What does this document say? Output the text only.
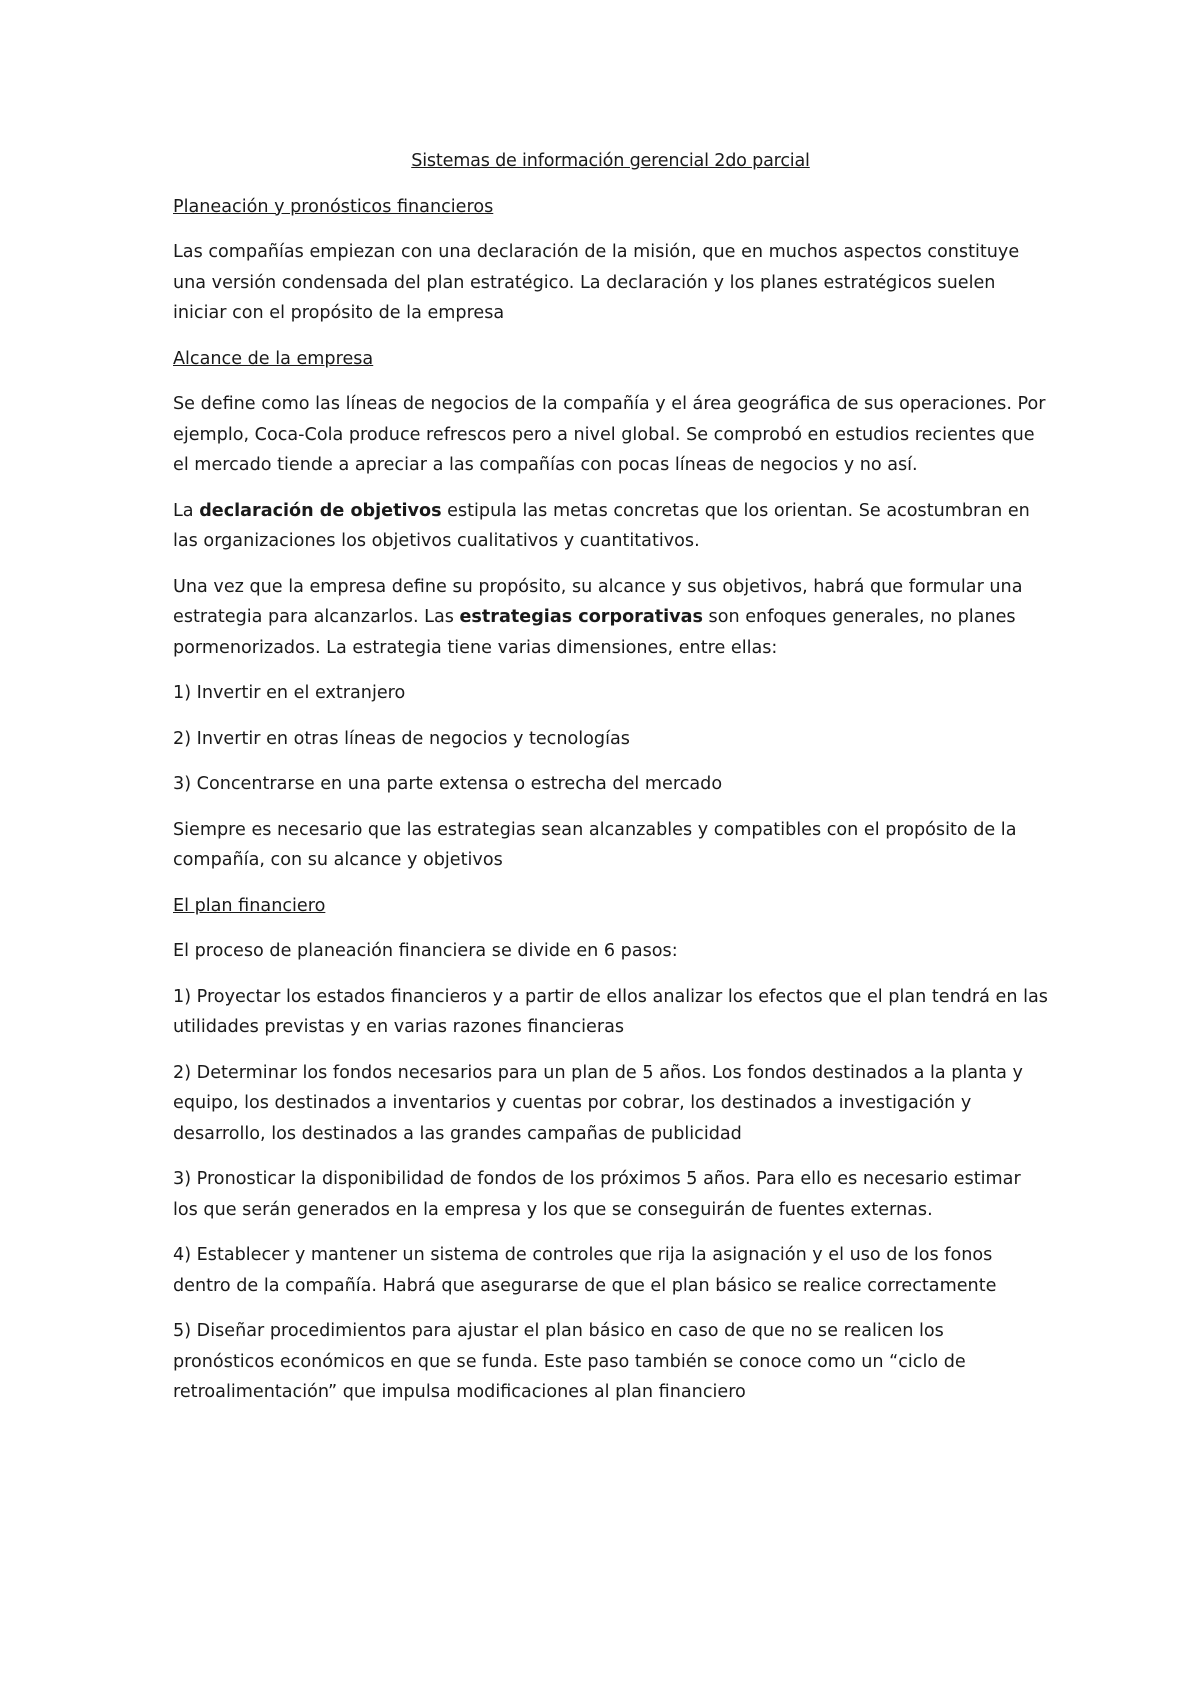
Sistemas de información gerencial 2do parcial
Planeación y pronósticos financieros

Las compañías empiezan con una declaración de la misión, que en muchos aspectos constituye una versión condensada del plan estratégico. La declaración y los planes estratégicos suelen iniciar con el propósito de la empresa

Alcance de la empresa

Se define como las líneas de negocios de la compañía y el área geográfica de sus operaciones. Por ejemplo, Coca-Cola produce refrescos pero a nivel global. Se comprobó en estudios recientes que el mercado tiende a apreciar a las compañías con pocas líneas de negocios y no así.

La declaración de objetivos estipula las metas concretas que los orientan. Se acostumbran en las organizaciones los objetivos cualitativos y cuantitativos.

Una vez que la empresa define su propósito, su alcance y sus objetivos, habrá que formular una estrategia para alcanzarlos. Las estrategias corporativas son enfoques generales, no planes pormenorizados. La estrategia tiene varias dimensiones, entre ellas:

1) Invertir en el extranjero

2) Invertir en otras líneas de negocios y tecnologías

3) Concentrarse en una parte extensa o estrecha del mercado

Siempre es necesario que las estrategias sean alcanzables y compatibles con el propósito de la compañía, con su alcance y objetivos

El plan financiero

El proceso de planeación financiera se divide en 6 pasos:

1) Proyectar los estados financieros y a partir de ellos analizar los efectos que el plan tendrá en las utilidades previstas y en varias razones financieras

2) Determinar los fondos necesarios para un plan de 5 años. Los fondos destinados a la planta y equipo, los destinados a inventarios y cuentas por cobrar, los destinados a investigación y desarrollo, los destinados a las grandes campañas de publicidad

3) Pronosticar la disponibilidad de fondos de los próximos 5 años. Para ello es necesario estimar los que serán generados en la empresa y los que se conseguirán de fuentes externas.

4) Establecer y mantener un sistema de controles que rija la asignación y el uso de los fonos dentro de la compañía. Habrá que asegurarse de que el plan básico se realice correctamente

5) Diseñar procedimientos para ajustar el plan básico en caso de que no se realicen los pronósticos económicos en que se funda. Este paso también se conoce como un “ciclo de retroalimentación” que impulsa modificaciones al plan financiero
